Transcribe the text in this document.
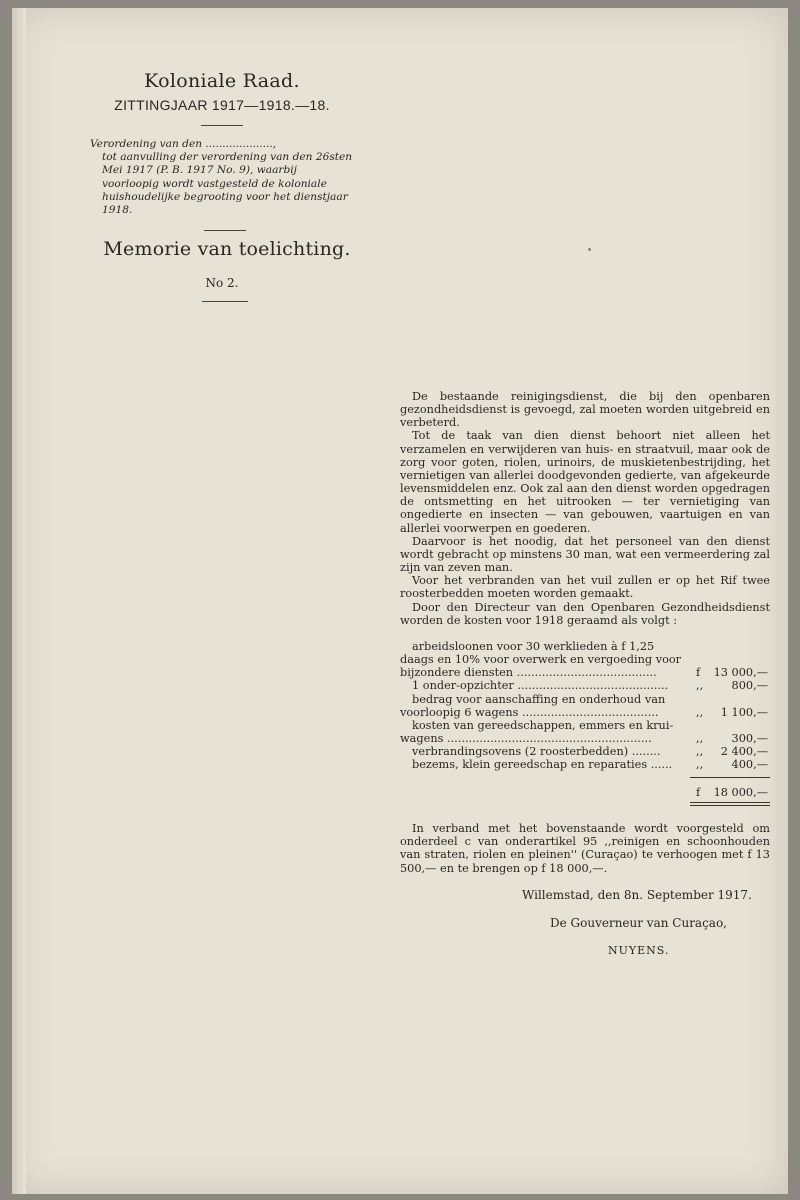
Koloniale Raad.
ZITTINGJAAR 1917—1918.—18.
Verordening van den ....................,
tot aanvulling der verordening van den 26sten
Mei 1917 (P. B. 1917 No. 9), waarbij
voorloopig wordt vastgesteld de koloniale
huishoudelijke begrooting voor het dienstjaar
1918.
Memorie van toelichting.
No 2.

De bestaande reinigingsdienst, die bij den openbaren gezondheidsdienst is gevoegd, zal moeten worden uitgebreid en verbeterd.

Tot de taak van dien dienst behoort niet alleen het verzamelen en verwijderen van huis- en straatvuil, maar ook de zorg voor goten, riolen, urinoirs, de muskietenbestrijding, het vernietigen van allerlei doodgevonden gedierte, van afgekeurde levensmiddelen enz. Ook zal aan den dienst worden opgedragen de ontsmetting en het uitrooken — ter vernietiging van ongedierte en insecten — van gebouwen, vaartuigen en van allerlei voorwerpen en goederen.

Daarvoor is het noodig, dat het personeel van den dienst wordt gebracht op minstens 30 man, wat een vermeerdering zal zijn van zeven man.

Voor het verbranden van het vuil zullen er op het Rif twee roosterbedden moeten worden gemaakt.

Door den Directeur van den Openbaren Gezondheidsdienst worden de kosten voor 1918 geraamd als volgt :

arbeidsloonen voor 30 werklieden à f 1,25
daags en 10% voor overwerk en vergoeding voor
bijzondere diensten .......................................	f 13 000,—
1 onder-opzichter .......................................... ,,	800,—
bedrag voor aanschaffing en onderhoud van
voorloopig 6 wagens ......................................	,, 1 100,—
kosten van gereedschappen, emmers en krui-
wagens .........................................................	,,	300,—
verbrandingsovens (2 roosterbedden) ........	,, 2 400,—
bezems, klein gereedschap en reparaties ...... ,,	400,—
f 18 000,—

In verband met het bovenstaande wordt voorgesteld om onderdeel c van onderartikel 95 ,,reinigen en schoonhouden van straten, riolen en pleinen'' (Curaçao) te verhoogen met f 13 500,— en te brengen op f 18 000,—.

Willemstad, den 8n. September 1917.
De Gouverneur van Curaçao,
NUYENS.
